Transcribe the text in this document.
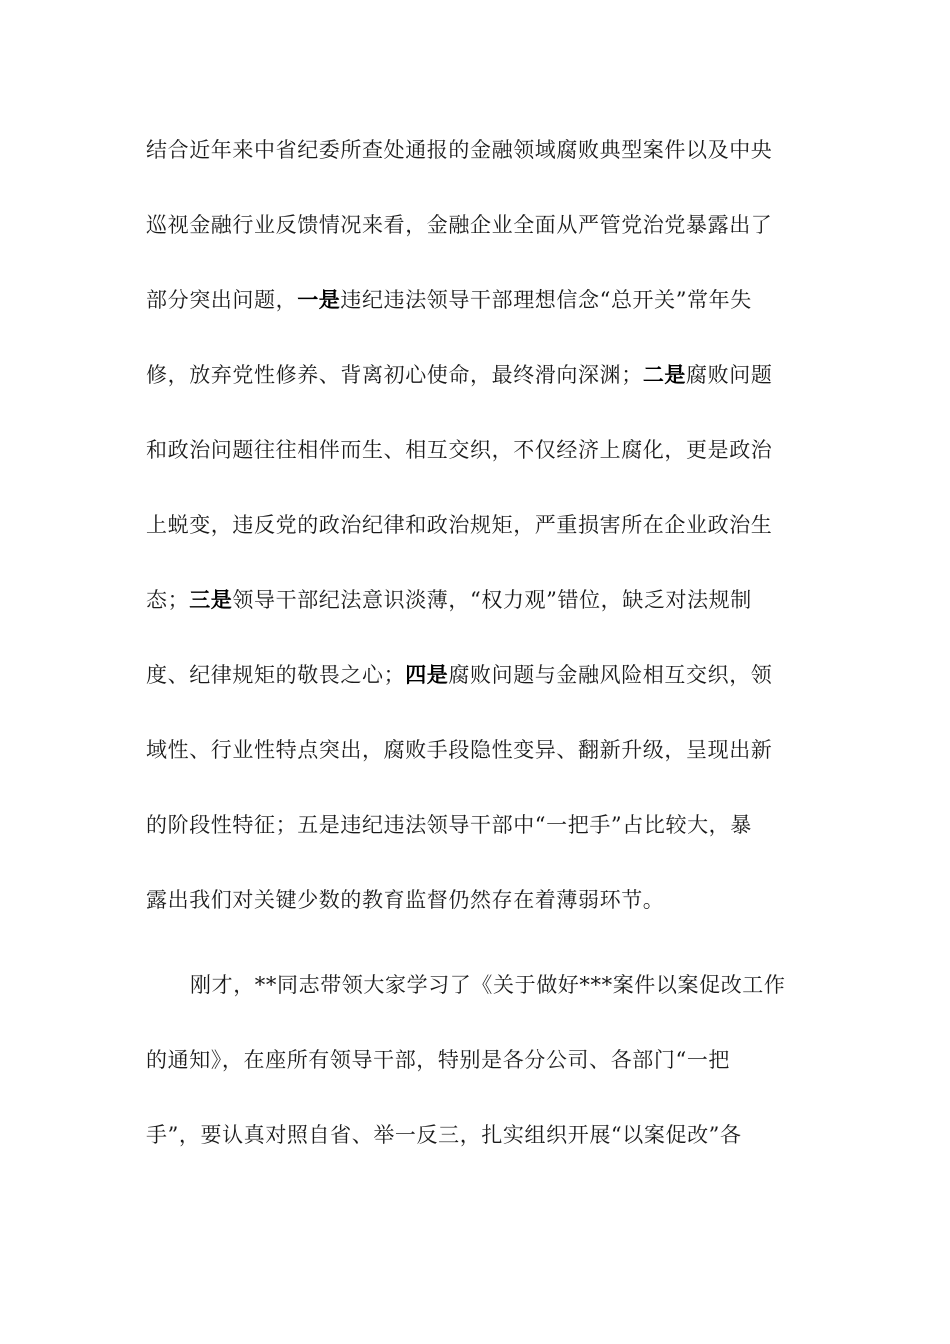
结合近年来中省纪委所查处通报的金融领域腐败典型案件以及中央
巡视金融行业反馈情况来看，金融企业全面从严管党治党暴露出了
部分突出问题，一是违纪违法领导干部理想信念“总开关”常年失
修，放弃党性修养、背离初心使命，最终滑向深渊；二是腐败问题
和政治问题往往相伴而生、相互交织，不仅经济上腐化，更是政治
上蜕变，违反党的政治纪律和政治规矩，严重损害所在企业政治生
态；三是领导干部纪法意识淡薄，“权力观”错位，缺乏对法规制
度、纪律规矩的敬畏之心；四是腐败问题与金融风险相互交织，领
域性、行业性特点突出，腐败手段隐性变异、翻新升级，呈现出新
的阶段性特征；五是违纪违法领导干部中“一把手”占比较大，暴
露出我们对关键少数的教育监督仍然存在着薄弱环节。
刚才，**同志带领大家学习了《关于做好***案件以案促改工作
的通知》，在座所有领导干部，特别是各分公司、各部门“一把
手”，要认真对照自省、举一反三，扎实组织开展“以案促改”各
